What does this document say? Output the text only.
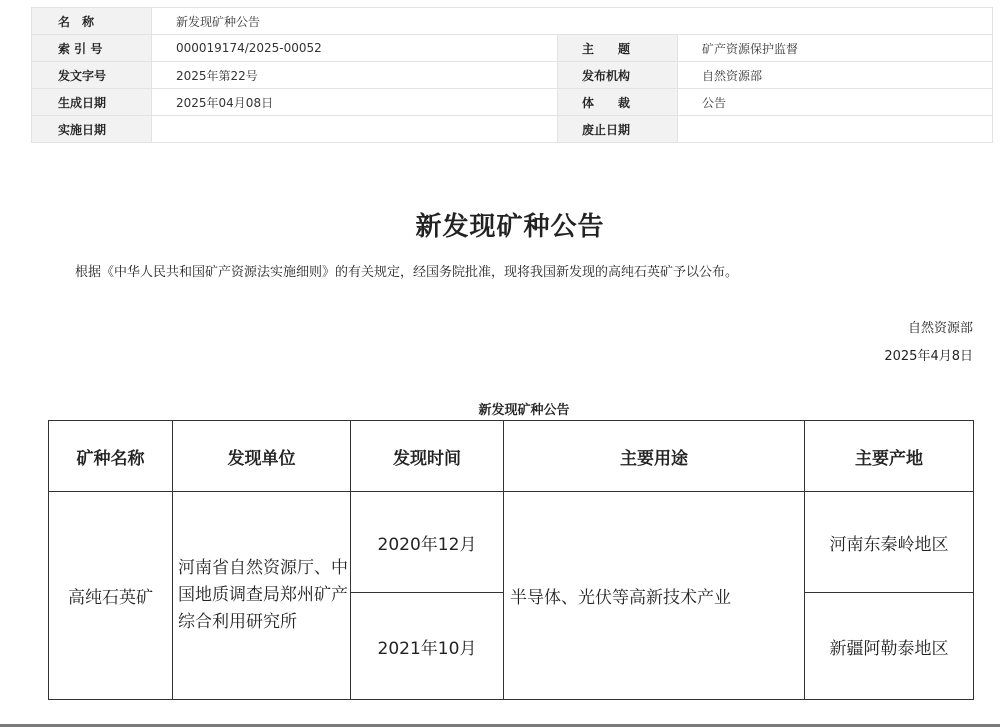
名　称	新发现矿种公告		
索 引 号	000019174/2025-00052	主　　题	矿产资源保护监督
发文字号	2025年第22号	发布机构	自然资源部
生成日期	2025年04月08日	体　　裁	公告
实施日期		废止日期	
新发现矿种公告
根据《中华人民共和国矿产资源法实施细则》的有关规定，经国务院批准，现将我国新发现的高纯石英矿予以公布。
自然资源部
2025年4月8日
新发现矿种公告
矿种名称	发现单位	发现时间	主要用途	主要产地
高纯石英矿	河南省自然资源厅、中国地质调查局郑州矿产综合利用研究所	2020年12月	半导体、光伏等高新技术产业	河南东秦岭地区
		2021年10月		新疆阿勒泰地区
